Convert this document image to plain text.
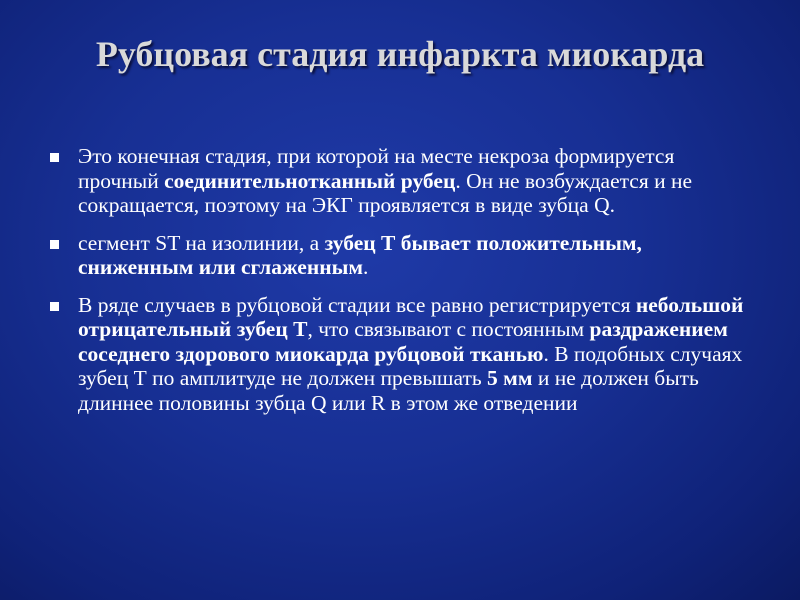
Рубцовая стадия инфаркта миокарда
Это конечная стадия, при которой на месте некроза формируется прочный соединительнотканный рубец. Он не возбуждается и не сокращается, поэтому на ЭКГ проявляется в виде зубца Q.
сегмент ST на изолинии, а зубец Т бывает положительным, сниженным или сглаженным.
В ряде случаев в рубцовой стадии все равно регистрируется небольшой отрицательный зубец Т, что связывают с постоянным раздражением соседнего здорового миокарда рубцовой тканью. В подобных случаях зубец Т по амплитуде не должен превышать 5 мм и не должен быть длиннее половины зубца Q или R в этом же отведении
